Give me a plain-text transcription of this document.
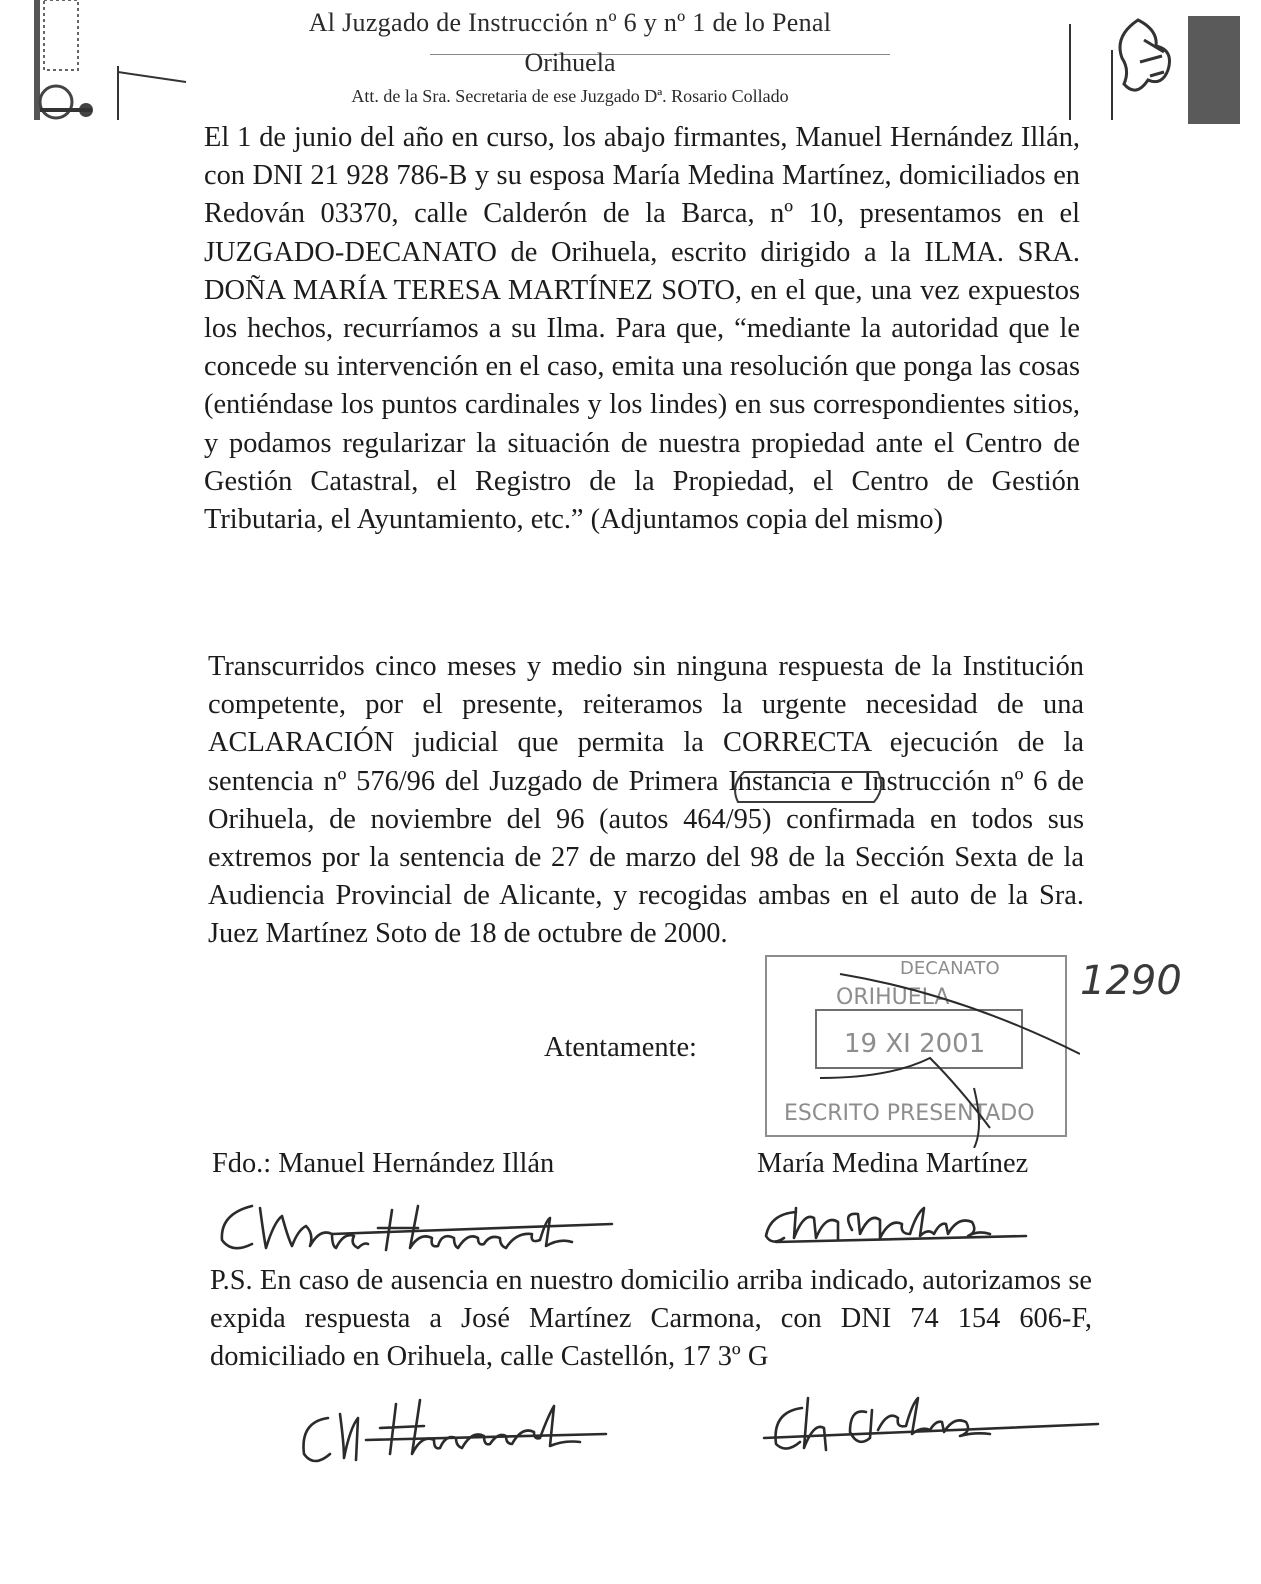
Al Juzgado de Instrucción nº 6 y nº 1 de lo Penal
Orihuela
Att. de la Sra. Secretaria de ese Juzgado Dª. Rosario Collado
El 1 de junio del año en curso, los abajo firmantes, Manuel Hernández Illán, con DNI 21 928 786-B y su esposa María Medina Martínez, domiciliados en Redován 03370, calle Calderón de la Barca, nº 10, presentamos en el JUZGADO-DECANATO de Orihuela, escrito dirigido a la ILMA. SRA. DOÑA MARÍA TERESA MARTÍNEZ SOTO, en el que, una vez expuestos los hechos, recurríamos a su Ilma. Para que, “mediante la autoridad que le concede su intervención en el caso, emita una resolución que ponga las cosas (entiéndase los puntos cardinales y los lindes) en sus correspondientes sitios, y podamos regularizar la situación de nuestra propiedad ante el Centro de Gestión Catastral, el Registro de la Propiedad, el Centro de Gestión Tributaria, el Ayuntamiento, etc.” (Adjuntamos copia del mismo)
Transcurridos cinco meses y medio sin ninguna respuesta de la Institución competente, por el presente, reiteramos la urgente necesidad de una ACLARACIÓN judicial que permita la CORRECTA ejecución de la sentencia nº 576/96 del Juzgado de Primera Instancia e Instrucción nº 6 de Orihuela, de noviembre del 96 (autos 464/95) confirmada en todos sus extremos por la sentencia de 27 de marzo del 98 de la Sección Sexta de la Audiencia Provincial de Alicante, y recogidas ambas en el auto de la Sra. Juez Martínez Soto de 18 de octubre de 2000.
DECANATO
ORIHUELA
19 XI 2001
ESCRITO PRESENTADO
1290
Atentamente:
Fdo.: Manuel Hernández Illán	María Medina Martínez
P.S. En caso de ausencia en nuestro domicilio arriba indicado, autorizamos se expida respuesta a José Martínez Carmona, con DNI 74 154 606-F, domiciliado en Orihuela, calle Castellón, 17 3º G
